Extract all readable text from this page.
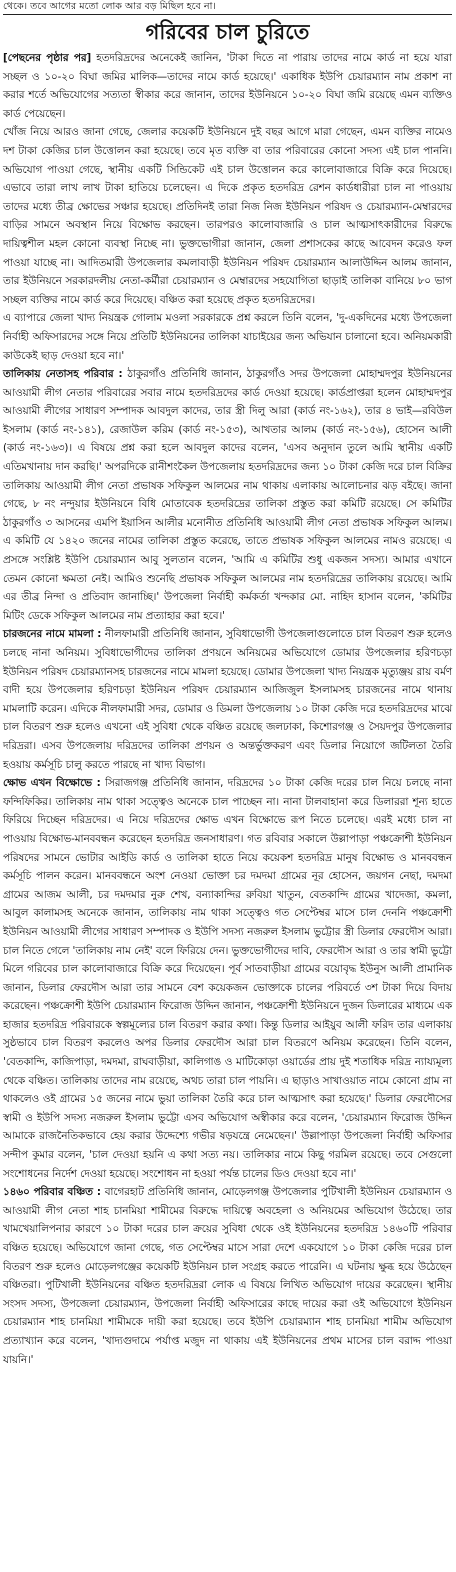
থেকে। তবে আগের মতো লোক আর বড় মিছিল হবে না।
গরিবের চাল চুরিতে

[পেছনের পৃষ্ঠার পর] হতদরিদ্রদের অনেকেই জানিন, 'টাকা দিতে না পারায় তাদের নামে কার্ড না হয়ে যারা সচ্ছল ও ১০-২০ বিঘা জমির মালিক—তাদের নামে কার্ড হয়েছে।' একাধিক ইউপি চেয়ারম্যান নাম প্রকাশ না করার শর্তে অভিযোগের সত্যতা স্বীকার করে জানান, তাদের ইউনিয়নে ১০-২০ বিঘা জমি রয়েছে এমন ব্যক্তিও কার্ড পেয়েছেন।

খোঁজ নিয়ে আরও জানা গেছে, জেলার কয়েকটি ইউনিয়নে দুই বছর আগে মারা গেছেন, এমন ব্যক্তির নামেও দশ টাকা কেজির চাল উত্তোলন করা হয়েছে। তবে মৃত ব্যক্তি বা তার পরিবারের কোনো সদস্য এই চাল পাননি। অভিযোগ পাওয়া গেছে, স্থানীয় একটি সিন্ডিকেট এই চাল উত্তোলন করে কালোবাজারে বিক্রি করে দিয়েছে। এভাবে তারা লাখ লাখ টাকা হাতিয়ে চলেছেন। এ দিকে প্রকৃত হতদরিদ্র রেশন কার্ডধারীরা চাল না পাওয়ায় তাদের মধ্যে তীব্র ক্ষোভের সঞ্চার হয়েছে। প্রতিদিনই তারা নিজ নিজ ইউনিয়ন পরিষদ ও চেয়ারম্যান-মেম্বারদের বাড়ির সামনে অবস্থান নিয়ে বিক্ষোভ করছেন। তারপরও কালোবাজারি ও চাল আত্মসাৎকারীদের বিরুদ্ধে দায়িত্বশীল মহল কোনো ব্যবস্থা নিচ্ছে না। ভুক্তভোগীরা জানান, জেলা প্রশাসকের কাছে আবেদন করেও ফল পাওয়া যাচ্ছে না। আদিতমারী উপজেলার কমলাবাড়ী ইউনিয়ন পরিষদ চেয়ারম্যান আলাউদ্দিন আলম জানান, তার ইউনিয়নে সরকারদলীয় নেতা-কর্মীরা চেয়ারম্যান ও মেম্বারদের সহযোগিতা ছাড়াই তালিকা বানিয়ে ৮০ ভাগ সচ্ছল ব্যক্তির নামে কার্ড করে দিয়েছে। বঞ্চিত করা হয়েছে প্রকৃত হতদরিদ্রদের।

এ ব্যাপারে জেলা খাদ্য নিয়ন্ত্রক গোলাম মওলা সরকারকে প্রশ্ন করলে তিনি বলেন, 'দু-একদিনের মধ্যে উপজেলা নির্বাহী অফিসারদের সঙ্গে নিয়ে প্রতিটি ইউনিয়নের তালিকা যাচাইয়ের জন্য অভিযান চালানো হবে। অনিয়মকারী কাউকেই ছাড় দেওয়া হবে না।'

তালিকায় নেতাসহ পরিবার : ঠাকুরগাঁও প্রতিনিধি জানান, ঠাকুরগাঁও সদর উপজেলা মোহাম্মদপুর ইউনিয়নের আওয়ামী লীগ নেতার পরিবারের সবার নামে হতদরিদ্রদের কার্ড দেওয়া হয়েছে। কার্ডপ্রাপ্তরা হলেন মোহাম্মদপুর আওয়ামী লীগের সাধারণ সম্পাদক আবদুল কাদের, তার স্ত্রী দিলু আরা (কার্ড নং-১৬২), তার ৪ ভাই—রবিউল ইসলাম (কার্ড নং-১৪১), রেজাউল করিম (কার্ড নং-১৫৩), আখতার আলম (কার্ড নং-১৫৬), হোসেন আলী (কার্ড নং-১৬৩)। এ বিষয়ে প্রশ্ন করা হলে আবদুল কাদের বলেন, 'এসব অনুদান তুলে আমি স্থানীয় একটি এতিমখানায় দান করছি।' অপরদিকে রানীশংকৈল উপজেলায় হতদরিদ্রদের জন্য ১০ টাকা কেজি দরে চাল বিক্রির তালিকায় আওয়ামী লীগ নেতা প্রভাষক সফিকুল আলমের নাম থাকায় এলাকায় আলোচনার ঝড় বইছে। জানা গেছে, ৮ নং নন্দুয়ার ইউনিয়নে বিধি মোতাবেক হতদরিদ্রের তালিকা প্রস্তুত করা কমিটি রয়েছে। সে কমিটির ঠাকুরগাঁও ৩ আসনের এমপি ইয়াসিন আলীর মনোনীত প্রতিনিধি আওয়ামী লীগ নেতা প্রভাষক সফিকুল আলম। এ কমিটি যে ১৪২০ জনের নামের তালিকা প্রস্তুত করেছে, তাতে প্রভাষক সফিকুল আলমের নামও রয়েছে। এ প্রসঙ্গে সংশ্লিষ্ট ইউপি চেয়ারম্যান আবু সুলতান বলেন, 'আমি এ কমিটির শুধু একজন সদস্য। আমার এখানে তেমন কোনো ক্ষমতা নেই। আমিও শুনেছি প্রভাষক সফিকুল আলমের নাম হতদরিদ্রের তালিকায় রয়েছে। আমি এর তীব্র নিন্দা ও প্রতিবাদ জানাচ্ছি।' উপজেলা নির্বাহী কর্মকর্তা খন্দকার মো. নাহিদ হাসান বলেন, 'কমিটির মিটিং ডেকে সফিকুল আলমের নাম প্রত্যাহার করা হবে।'

চারজনের নামে মামলা : নীলফামারী প্রতিনিধি জানান, সুবিধাভোগী উপজেলাগুলোতে চাল বিতরণ শুরু হলেও চলছে নানা অনিয়ম। সুবিধাভোগীদের তালিকা প্রণয়নে অনিয়মের অভিযোগে ডোমার উপজেলার হরিণচড়া ইউনিয়ন পরিষদ চেয়ারম্যানসহ চারজনের নামে মামলা হয়েছে। ডোমার উপজেলা খাদ্য নিয়ন্ত্রক মৃত্যুঞ্জয় রায় বর্মণ বাদী হয়ে উপজেলার হরিণচড়া ইউনিয়ন পরিষদ চেয়ারম্যান আজিজুল ইসলামসহ চারজনের নামে থানায় মামলাটি করেন। এদিকে নীলফামারী সদর, ডোমার ও ডিমলা উপজেলায় ১০ টাকা কেজি দরে হতদরিদ্রদের মাঝে চাল বিতরণ শুরু হলেও এখনো এই সুবিধা থেকে বঞ্চিত রয়েছে জলঢাকা, কিশোরগঞ্জ ও সৈয়দপুর উপজেলার দরিদ্ররা। এসব উপজেলায় দরিদ্রদের তালিকা প্রণয়ন ও অন্তর্ভুক্তকরণ এবং ডিলার নিয়োগে জটিলতা তৈরি হওয়ায় কর্মসূচি চালু করতে পারছে না খাদ্য বিভাগ।

ক্ষোভ এখন বিক্ষোভে : সিরাজগঞ্জ প্রতিনিধি জানান, দরিদ্রদের ১০ টাকা কেজি দরের চাল নিয়ে চলছে নানা ফন্দিফিকির। তালিকায় নাম থাকা সত্ত্বেও অনেকে চাল পাচ্ছেন না। নানা টালবাহানা করে ডিলাররা শূন্য হাতে ফিরিয়ে দিচ্ছেন দরিদ্রদের। এ নিয়ে দরিদ্রদের ক্ষোভ এখন বিক্ষোভে রূপ নিতে চলেছে। এরই মধ্যে চাল না পাওয়ায় বিক্ষোভ-মানববন্ধন করেছেন হতদরিদ্র জনসাধারণ। গত রবিবার সকালে উল্লাপাড়া পঞ্চক্রোশী ইউনিয়ন পরিষদের সামনে ভোটার আইডি কার্ড ও তালিকা হাতে নিয়ে কয়েকশ হতদরিদ্র মানুষ বিক্ষোভ ও মানববন্ধন কর্মসূচি পালন করেন। মানববন্ধনে অংশ নেওয়া ভোক্তা চর দমদমা গ্রামের নূর হোসেন, জয়গন নেছা, দমদমা গ্রামের আজম আলী, চর দমদমার নুরু শেখ, বন্যাকান্দির রুবিয়া খাতুন, বেতকান্দি গ্রামের খাদেজা, কমলা, আবুল কালামসহ অনেকে জানান, তালিকায় নাম থাকা সত্ত্বেও গত সেপ্টেম্বর মাসে চাল দেননি পঞ্চক্রোশী ইউনিয়ন আওয়ামী লীগের সাধারণ সম্পাদক ও ইউপি সদস্য নজরুল ইসলাম ভুট্টোর স্ত্রী ডিলার ফেরদৌস আরা। চাল নিতে গেলে 'তালিকায় নাম নেই' বলে ফিরিয়ে দেন। ভুক্তভোগীদের দাবি, ফেরদৌস আরা ও তার স্বামী ভুট্টো মিলে গরিবের চাল কালোবাজারে বিক্রি করে দিয়েছেন। পূর্ব সাতবাড়ীয়া গ্রামের বয়োবৃদ্ধ ইউনুস আলী প্রামানিক জানান, ডিলার ফেরদৌস আরা তার সামনে বেশ কয়েকজন ভোক্তাকে চালের পরিবর্তে ৩শ টাকা দিয়ে বিদায় করেছেন। পঞ্চক্রোশী ইউপি চেয়ারম্যান ফিরোজ উদ্দিন জানান, পঞ্চক্রোশী ইউনিয়নে দুজন ডিলারের মাধ্যমে এক হাজার হতদরিদ্র পরিবারকে স্বল্পমূল্যের চাল বিতরণ করার কথা। কিন্তু ডিলার আইয়ুব আলী ফরিদ তার এলাকায় সুষ্ঠভাবে চাল বিতরণ করলেও অপর ডিলার ফেরদৌস আরা চাল বিতরণে অনিয়ম করেছেন। তিনি বলেন, 'বেতকান্দি, কাজিপাড়া, দমদমা, রাঘবাড়ীয়া, কালিগাঙ ও মাটিকোড়া ওয়ার্ডের প্রায় দুই শতাধিক দরিদ্র ন্যায্যমূল্য থেকে বঞ্চিত। তালিকায় তাদের নাম রয়েছে, অথচ তারা চাল পায়নি। এ ছাড়াও সাখাওয়াত নামে কোনো গ্রাম না থাকলেও ওই গ্রামের ১৫ জনের নামে ভুয়া তালিকা তৈরি করে চাল আত্মসাৎ করা হয়েছে।' ডিলার ফেরদৌসের স্বামী ও ইউপি সদস্য নজরুল ইসলাম ভুট্টো এসব অভিযোগ অস্বীকার করে বলেন, 'চেয়ারম্যান ফিরোজ উদ্দিন আমাকে রাজনৈতিকভাবে হেয় করার উদ্দেশ্যে গভীর ষড়যন্ত্রে নেমেছেন।' উল্লাপাড়া উপজেলা নির্বাহী অফিসার সন্দীপ কুমার বলেন, 'চাল দেওয়া হয়নি এ কথা সত্য নয়। তালিকার নামে কিছু গরমিল রয়েছে। তবে সেগুলো সংশোধনের নির্দেশ দেওয়া হয়েছে। সংশোধন না হওয়া পর্যন্ত চালের ডিও দেওয়া হবে না।'

১৪৬০ পরিবার বঞ্চিত : বাগেরহাট প্রতিনিধি জানান, মোড়েলগঞ্জ উপজেলার পুটিখালী ইউনিয়ন চেয়ারম্যান ও আওয়ামী লীগ নেতা শাহ চানমিয়া শামীমের বিরুদ্ধে দায়িত্বে অবহেলা ও অনিয়মের অভিযোগ উঠেছে। তার খামখেয়ালিপনার কারণে ১০ টাকা দরের চাল ক্রয়ের সুবিধা থেকে ওই ইউনিয়নের হতদরিদ্র ১৪৬০টি পরিবার বঞ্চিত হয়েছে। অভিযোগে জানা গেছে, গত সেপ্টেম্বর মাসে সারা দেশে একযোগে ১০ টাকা কেজি দরের চাল বিতরণ শুরু হলেও মোড়েলগঞ্জের কয়েকটি ইউনিয়ন চাল সংগ্রহ করতে পারেনি। এ ঘটনায় ক্ষুব্ধ হয়ে উঠেছেন বঞ্চিতরা। পুটিখালী ইউনিয়নের বঞ্চিত হতদরিদ্ররা লোক এ বিষয়ে লিখিত অভিযোগ দায়ের করেছেন। স্থানীয় সংসদ সদস্য, উপজেলা চেয়ারম্যান, উপজেলা নির্বাহী অফিসারের কাছে দায়ের করা ওই অভিযোগে ইউনিয়ন চেয়ারম্যান শাহ চানমিয়া শামীমকে দায়ী করা হয়েছে। তবে ইউপি চেয়ারম্যান শাহ চানমিয়া শামীম অভিযোগ প্রত্যাখ্যান করে বলেন, 'খাদ্যগুদামে পর্যাপ্ত মজুদ না থাকায় এই ইউনিয়নের প্রথম মাসের চাল বরাদ্দ পাওয়া যায়নি।'
